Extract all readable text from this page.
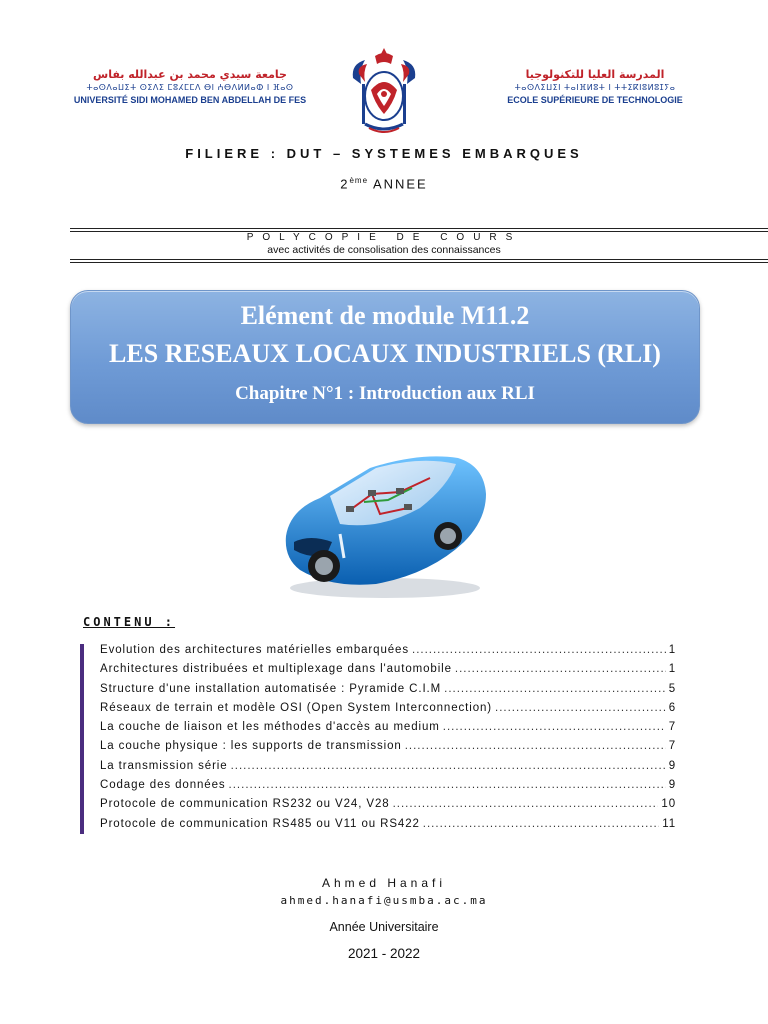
جامعة سيدي محمد بن عبدالله بفاس
ⵜⴰⵙⴷⴰⵡⵉⵜ ⵙⵉⴷⵉ ⵎⵓⵃⵎⵎⴷ ⴱⵏ ⵄⴱⴷⵍⵍⴰⵀ ⵏ ⴼⴰⵙ
UNIVERSITÉ SIDI MOHAMED BEN ABDELLAH DE FES
المدرسة العليا للتكنولوجيا
ⵜⴰⵙⴷⵉⵡⵉⵏ ⵜⴰⵏⴼⵍⵓⵜ ⵏ ⵜⵜⵉⴽⵏⵓⵍⵓⵊⵢⴰ
ECOLE SUPÉRIEURE DE TECHNOLOGIE
FILIERE : DUT – SYSTEMES EMBARQUES
2ème ANNEE
POLYCOPIE DE COURS
avec activités de consolisation des connaissances
Elément de module M11.2
LES RESEAUX LOCAUX INDUSTRIELS (RLI)
Chapitre N°1 : Introduction aux RLI
CONTENU :
Evolution des architectures matérielles embarquées .....	1
Architectures distribuées et multiplexage dans l'automobile .....	1
Structure d'une installation automatisée : Pyramide C.I.M .....	5
Réseaux de terrain et modèle OSI (Open System Interconnection) .....	6
La couche de liaison et les méthodes d'accès au medium .....	7
La couche physique : les supports de transmission .....	7
La transmission série .....	9
Codage des données .....	9
Protocole de communication RS232 ou V24, V28 .....	10
Protocole de communication RS485 ou V11 ou RS422 .....	11
Ahmed Hanafi
ahmed.hanafi@usmba.ac.ma
Année Universitaire
2021 - 2022
